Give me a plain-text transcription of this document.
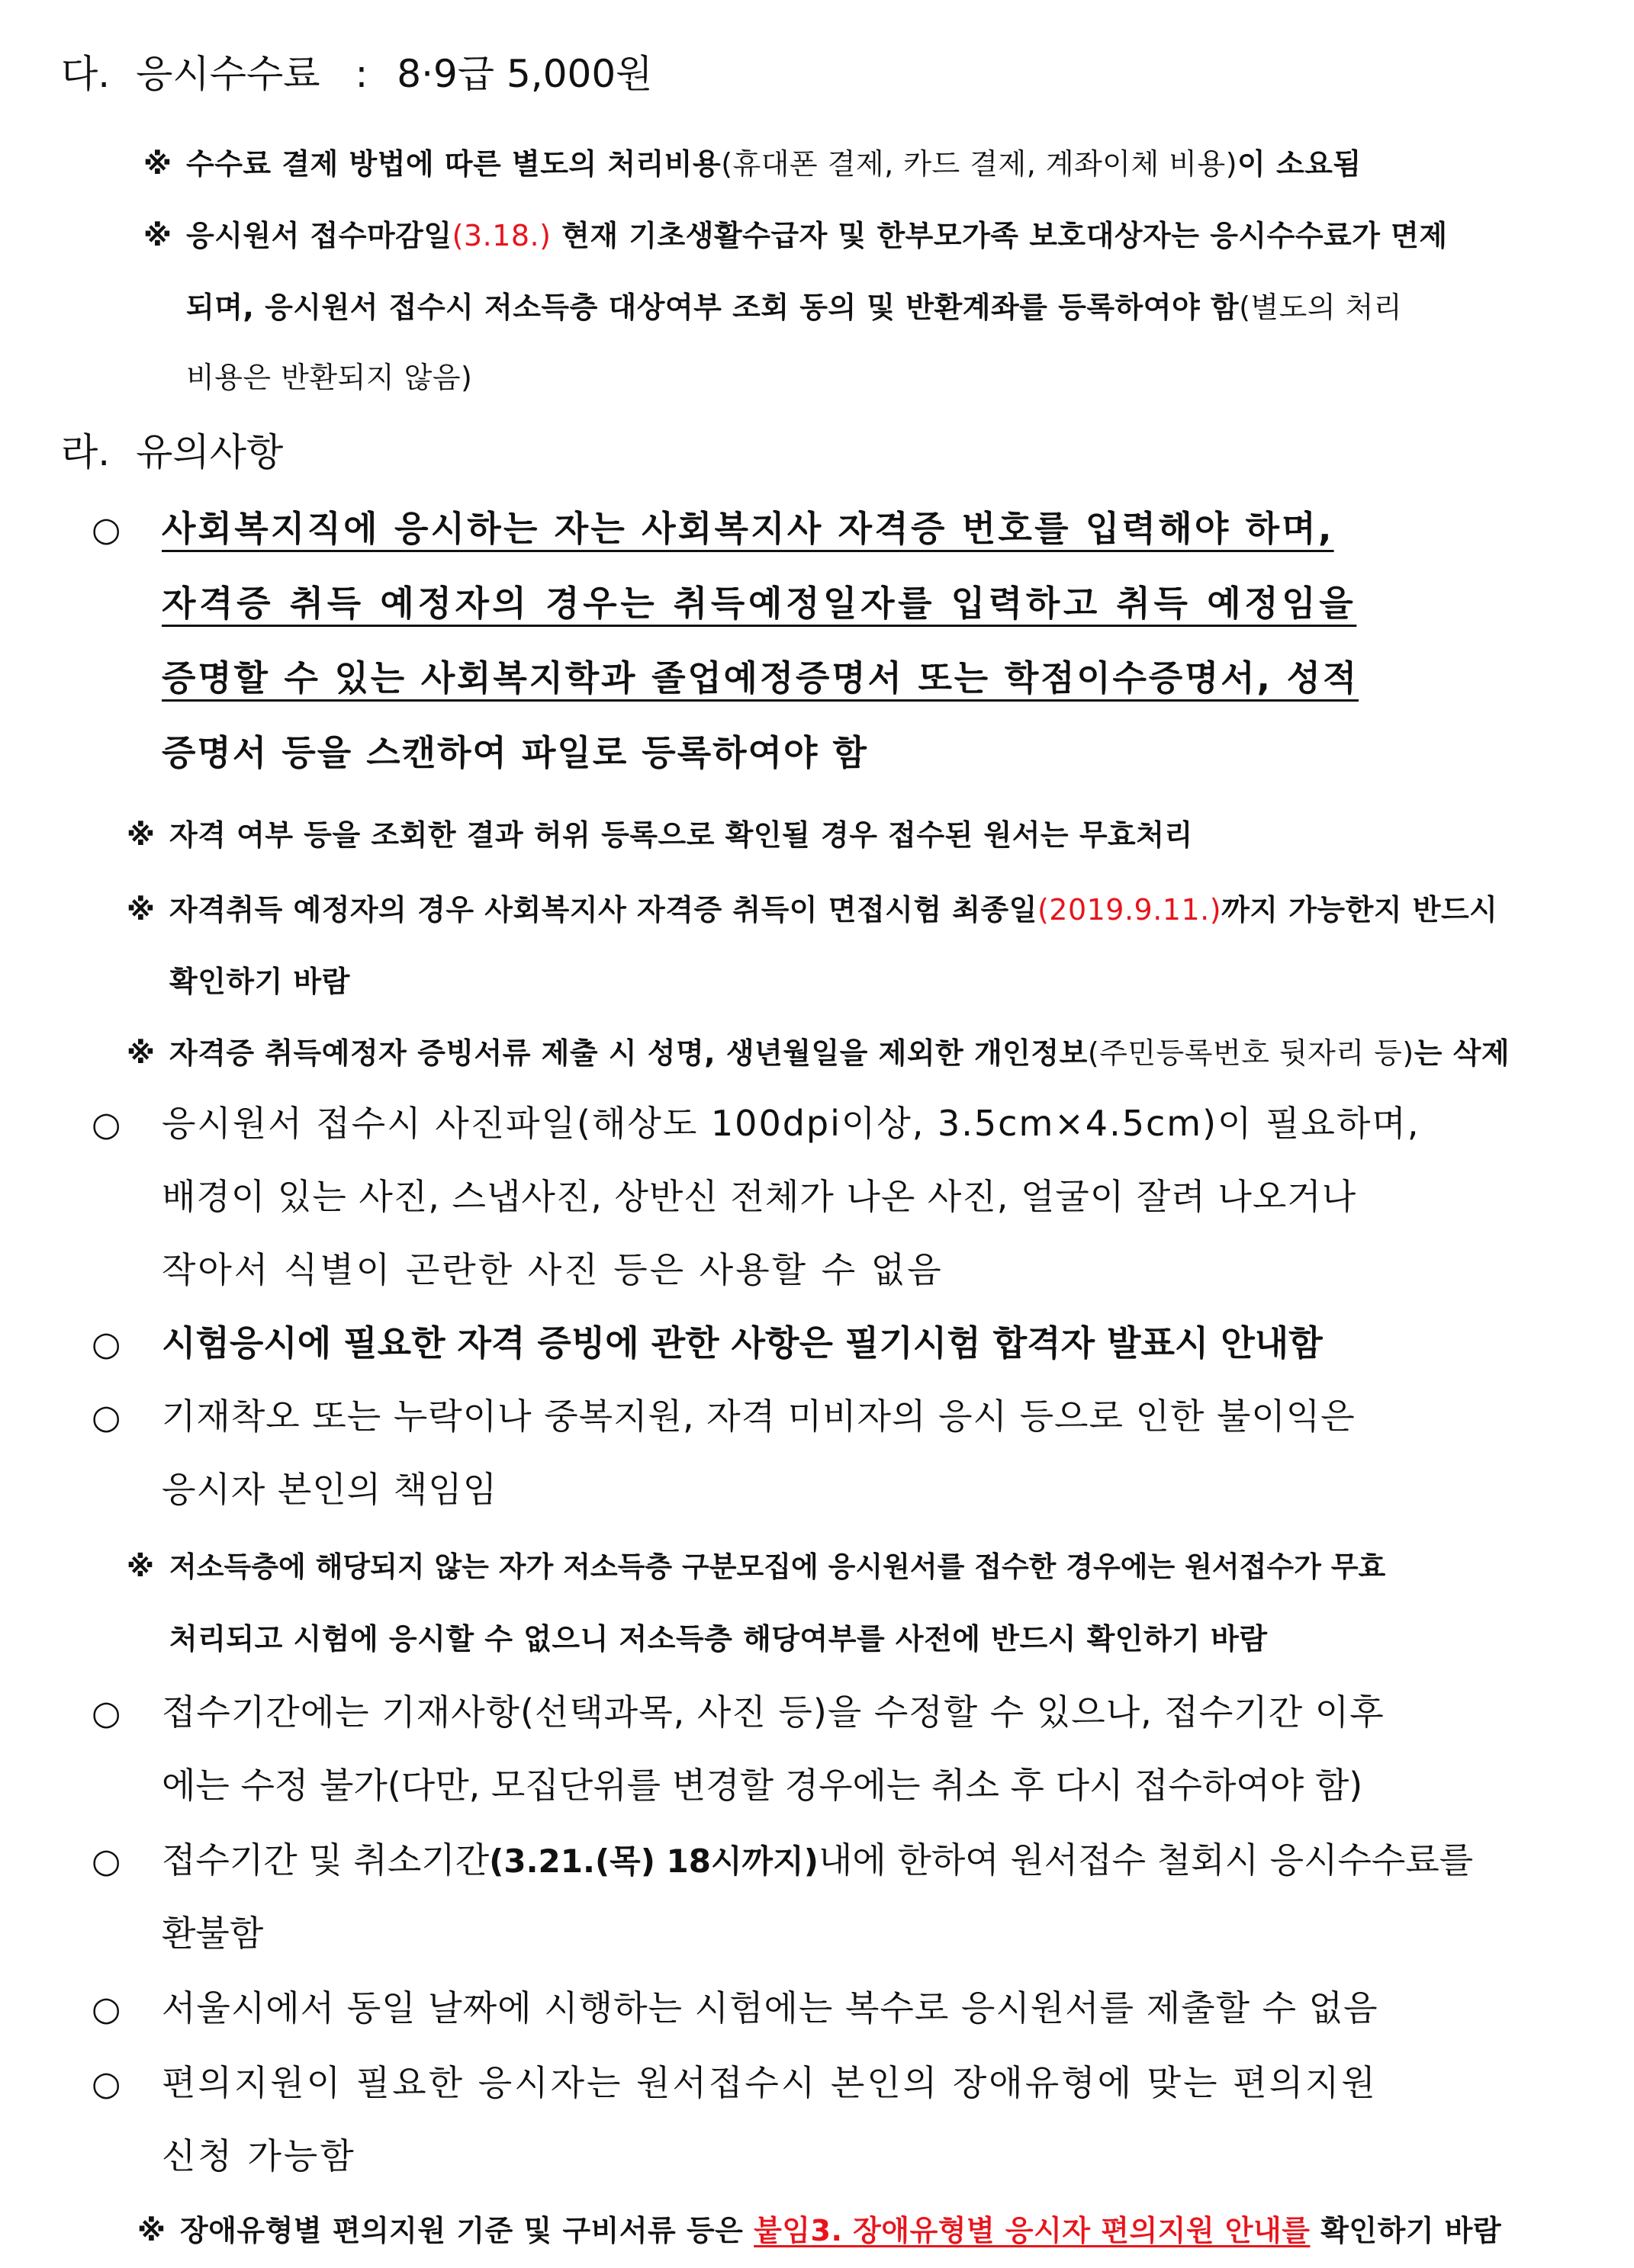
다. 응시수수료 : 8·9급 5,000원
※ 수수료 결제 방법에 따른 별도의 처리비용(휴대폰 결제, 카드 결제, 계좌이체 비용)이 소요됨
※ 응시원서 접수마감일(3.18.) 현재 기초생활수급자 및 한부모가족 보호대상자는 응시수수료가 면제
되며, 응시원서 접수시 저소득층 대상여부 조회 동의 및 반환계좌를 등록하여야 함(별도의 처리
비용은 반환되지 않음)
라. 유의사항
○ 사회복지직에 응시하는 자는 사회복지사 자격증 번호를 입력해야 하며,
자격증 취득 예정자의 경우는 취득예정일자를 입력하고 취득 예정임을
증명할 수 있는 사회복지학과 졸업예정증명서 또는 학점이수증명서, 성적
증명서 등을 스캔하여 파일로 등록하여야 함
※ 자격 여부 등을 조회한 결과 허위 등록으로 확인될 경우 접수된 원서는 무효처리
※ 자격취득 예정자의 경우 사회복지사 자격증 취득이 면접시험 최종일(2019.9.11.)까지 가능한지 반드시
확인하기 바람
※ 자격증 취득예정자 증빙서류 제출 시 성명, 생년월일을 제외한 개인정보(주민등록번호 뒷자리 등)는 삭제
○ 응시원서 접수시 사진파일(해상도 100dpi이상, 3.5cm×4.5cm)이 필요하며,
배경이 있는 사진, 스냅사진, 상반신 전체가 나온 사진, 얼굴이 잘려 나오거나
작아서 식별이 곤란한 사진 등은 사용할 수 없음
○ 시험응시에 필요한 자격 증빙에 관한 사항은 필기시험 합격자 발표시 안내함
○ 기재착오 또는 누락이나 중복지원, 자격 미비자의 응시 등으로 인한 불이익은
응시자 본인의 책임임
※ 저소득층에 해당되지 않는 자가 저소득층 구분모집에 응시원서를 접수한 경우에는 원서접수가 무효
처리되고 시험에 응시할 수 없으니 저소득층 해당여부를 사전에 반드시 확인하기 바람
○ 접수기간에는 기재사항(선택과목, 사진 등)을 수정할 수 있으나, 접수기간 이후
에는 수정 불가(다만, 모집단위를 변경할 경우에는 취소 후 다시 접수하여야 함)
○ 접수기간 및 취소기간(3.21.(목) 18시까지)내에 한하여 원서접수 철회시 응시수수료를
환불함
○ 서울시에서 동일 날짜에 시행하는 시험에는 복수로 응시원서를 제출할 수 없음
○ 편의지원이 필요한 응시자는 원서접수시 본인의 장애유형에 맞는 편의지원
신청 가능함
※ 장애유형별 편의지원 기준 및 구비서류 등은 붙임3. 장애유형별 응시자 편의지원 안내를 확인하기 바람
